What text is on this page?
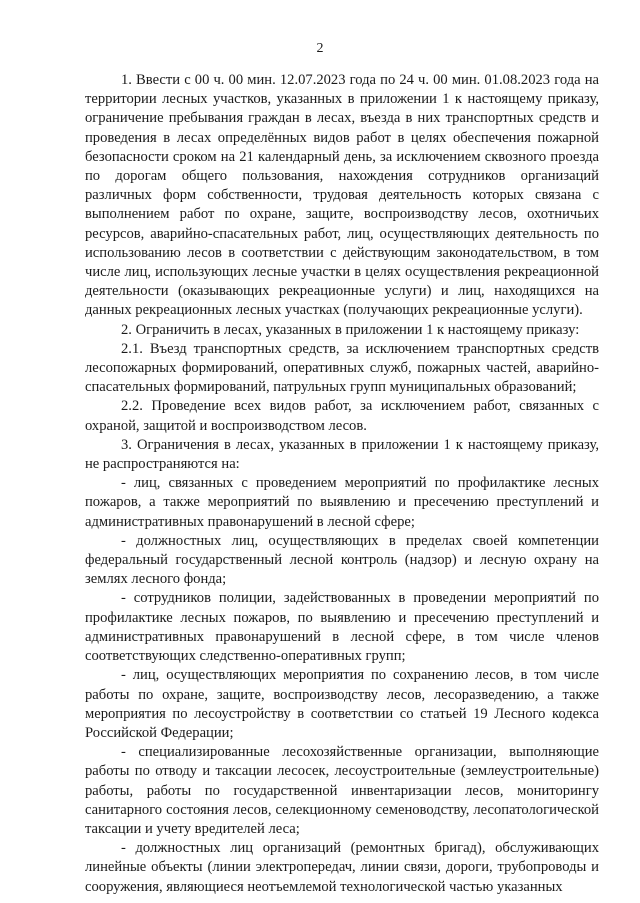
2

1. Ввести с 00 ч. 00 мин. 12.07.2023 года по 24 ч. 00 мин. 01.08.2023 года на территории лесных участков, указанных в приложении 1 к настоящему приказу, ограничение пребывания граждан в лесах, въезда в них транспортных средств и проведения в лесах определённых видов работ в целях обеспечения пожарной безопасности сроком на 21 календарный день, за исключением сквозного проезда по дорогам общего пользования, нахождения сотрудников организаций различных форм собственности, трудовая деятельность которых связана с выполнением работ по охране, защите, воспроизводству лесов, охотничьих ресурсов, аварийно-спасательных работ, лиц, осуществляющих деятельность по использованию лесов в соответствии с действующим законодательством, в том числе лиц, использующих лесные участки в целях осуществления рекреационной деятельности (оказывающих рекреационные услуги) и лиц, находящихся на данных рекреационных лесных участках (получающих рекреационные услуги).

2. Ограничить в лесах, указанных в приложении 1 к настоящему приказу:

2.1. Въезд транспортных средств, за исключением транспортных средств лесопожарных формирований, оперативных служб, пожарных частей, аварийно-спасательных формирований, патрульных групп муниципальных образований;

2.2. Проведение всех видов работ, за исключением работ, связанных с охраной, защитой и воспроизводством лесов.

3. Ограничения в лесах, указанных в приложении 1 к настоящему приказу, не распространяются на:

- лиц, связанных с проведением мероприятий по профилактике лесных пожаров, а также мероприятий по выявлению и пресечению преступлений и административных правонарушений в лесной сфере;

- должностных лиц, осуществляющих в пределах своей компетенции федеральный государственный лесной контроль (надзор) и лесную охрану на землях лесного фонда;

- сотрудников полиции, задействованных в проведении мероприятий по профилактике лесных пожаров, по выявлению и пресечению преступлений и административных правонарушений в лесной сфере, в том числе членов соответствующих следственно-оперативных групп;

- лиц, осуществляющих мероприятия по сохранению лесов, в том числе работы по охране, защите, воспроизводству лесов, лесоразведению, а также мероприятия по лесоустройству в соответствии со статьей 19 Лесного кодекса Российской Федерации;

- специализированные лесохозяйственные организации, выполняющие работы по отводу и таксации лесосек, лесоустроительные (землеустроительные) работы, работы по государственной инвентаризации лесов, мониторингу санитарного состояния лесов, селекционному семеноводству, лесопатологической таксации и учету вредителей леса;

- должностных лиц организаций (ремонтных бригад), обслуживающих линейные объекты (линии электропередач, линии связи, дороги, трубопроводы и сооружения, являющиеся неотъемлемой технологической частью указанных
